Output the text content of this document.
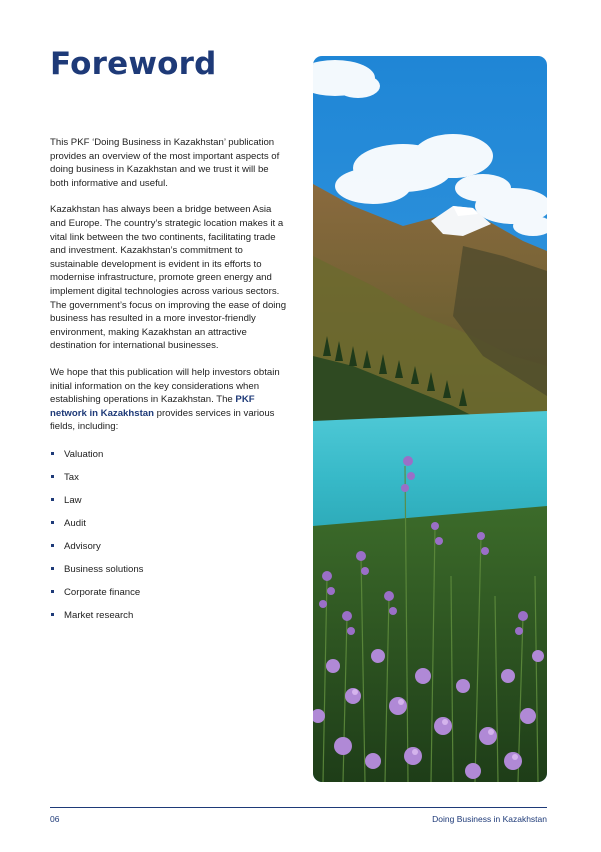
Foreword

This PKF ‘Doing Business in Kazakhstan’ publication provides an overview of the most important aspects of doing business in Kazakhstan and we trust it will be both informative and useful.

Kazakhstan has always been a bridge between Asia and Europe. The country’s strategic location makes it a vital link between the two continents, facilitating trade and investment. Kazakhstan’s commitment to sustainable development is evident in its efforts to modernise infrastructure, promote green energy and implement digital technologies across various sectors. The government’s focus on improving the ease of doing business has resulted in a more investor-friendly environment, making Kazakhstan an attractive destination for international businesses.

We hope that this publication will help investors obtain initial information on the key considerations when establishing operations in Kazakhstan. The PKF network in Kazakhstan provides services in various fields, including:

Valuation
Tax
Law
Audit
Advisory
Business solutions
Corporate finance
Market research
06	Doing Business in Kazakhstan
